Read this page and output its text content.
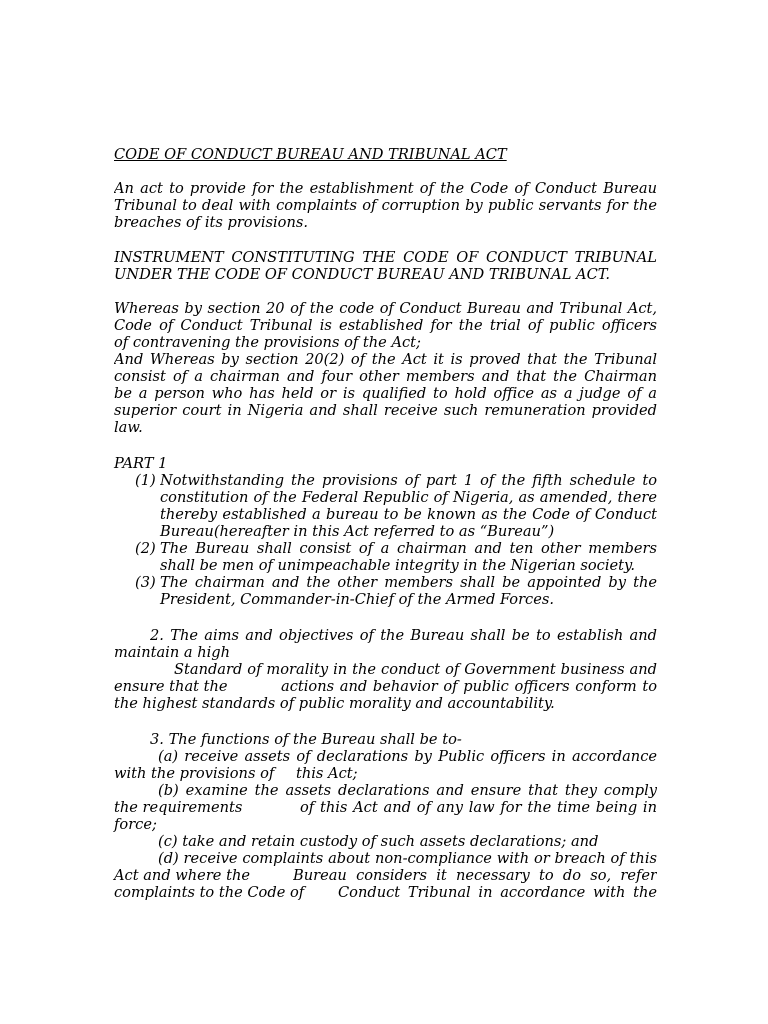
CODE OF CONDUCT BUREAU AND TRIBUNAL ACT
An act to provide for the establishment of the Code of Conduct Bureau
Tribunal to deal with complaints of corruption by public servants for the
breaches of its provisions.
INSTRUMENT CONSTITUTING THE CODE OF CONDUCT TRIBUNAL
UNDER THE CODE OF CONDUCT BUREAU AND TRIBUNAL ACT.
Whereas by section 20 of the code of Conduct Bureau and Tribunal Act,
Code of Conduct Tribunal is established for the trial of public officers
of contravening the provisions of the Act;
And Whereas by section 20(2) of the Act it is proved that the Tribunal
consist of a chairman and four other members and that the Chairman
be a person who has held or is qualified to hold office as a judge of a
superior court in Nigeria and shall receive such remuneration provided
law.
PART 1
(1) Notwithstanding the provisions of part 1 of the fifth schedule to
constitution of the Federal Republic of Nigeria, as amended, there
thereby established a bureau to be known as the Code of Conduct
Bureau(hereafter in this Act referred to as “Bureau”)
(2) The Bureau shall consist of a chairman and ten other members
shall be men of unimpeachable integrity in the Nigerian society.
(3) The chairman and the other members shall be appointed by the
President, Commander-in-Chief of the Armed Forces.
2. The aims and objectives of the Bureau shall be to establish and
maintain a high
Standard of morality in the conduct of Government business and
ensure that the	actions and behavior of public officers conform to
the highest standards of public morality and accountability.
3. The functions of the Bureau shall be to-
(a) receive assets of declarations by Public officers in accordance
with the provisions of this Act;
(b) examine the assets declarations and ensure that they comply
the requirements	of this Act and of any law for the time being in
force;
(c) take and retain custody of such assets declarations; and
(d) receive complaints about non-compliance with or breach of this
Act and where the	Bureau considers it necessary to do so, refer
complaints to the Code of Conduct Tribunal in accordance with the
